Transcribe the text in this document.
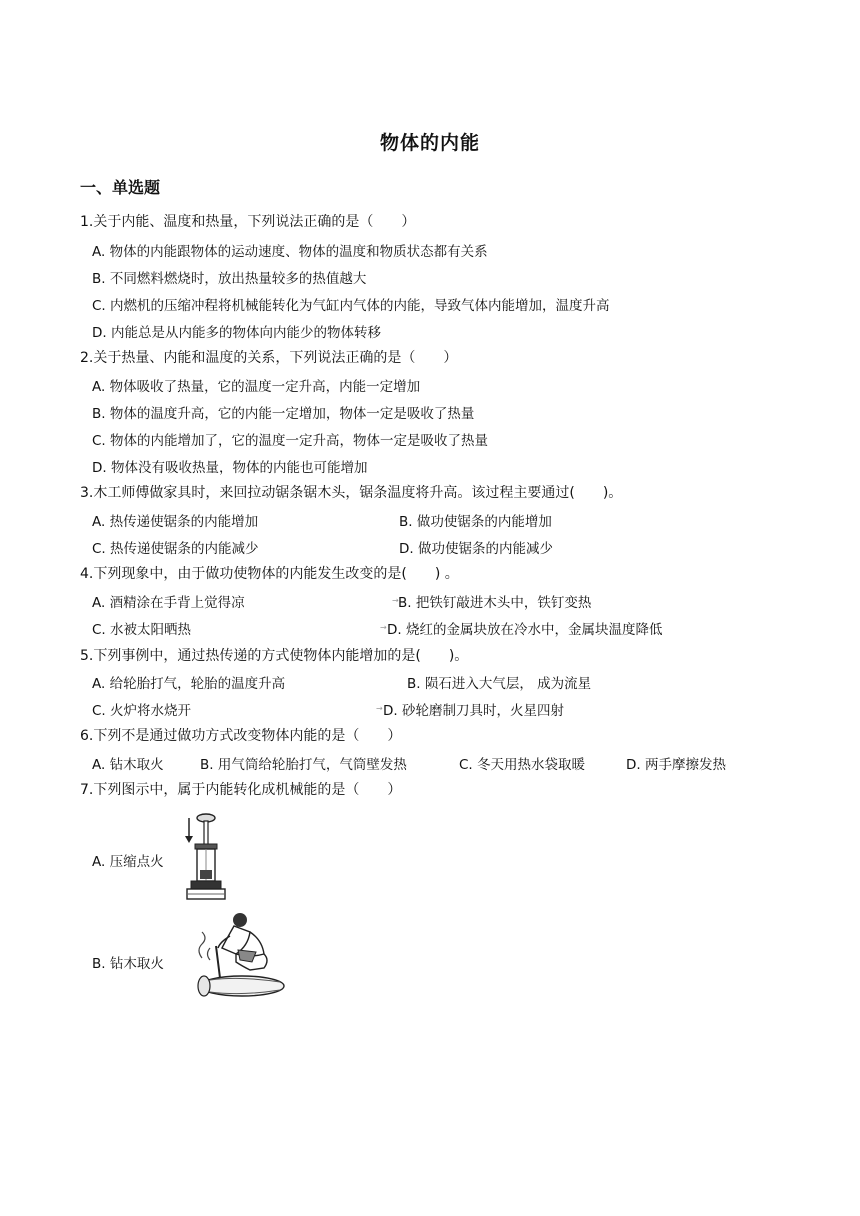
物体的内能
一、单选题
1.关于内能、温度和热量，下列说法正确的是（　　）
A. 物体的内能跟物体的运动速度、物体的温度和物质状态都有关系
B. 不同燃料燃烧时，放出热量较多的热值越大
C. 内燃机的压缩冲程将机械能转化为气缸内气体的内能，导致气体内能增加，温度升高
D. 内能总是从内能多的物体向内能少的物体转移
2.关于热量、内能和温度的关系，下列说法正确的是（　　）
A. 物体吸收了热量，它的温度一定升高，内能一定增加
B. 物体的温度升高，它的内能一定增加，物体一定是吸收了热量
C. 物体的内能增加了，它的温度一定升高，物体一定是吸收了热量
D. 物体没有吸收热量，物体的内能也可能增加
3.木工师傅做家具时，来回拉动锯条锯木头，锯条温度将升高。该过程主要通过(　　)。
A. 热传递使锯条的内能增加	B. 做功使锯条的内能增加
C. 热传递使锯条的内能减少	D. 做功使锯条的内能减少
4.下列现象中，由于做功使物体的内能发生改变的是(　　) 。
A. 酒精涂在手背上觉得凉	→ B. 把铁钉敲进木头中，铁钉变热
C. 水被太阳晒热	→ D. 烧红的金属块放在冷水中，金属块温度降低
5.下列事例中，通过热传递的方式使物体内能增加的是(　　)。
A. 给轮胎打气，轮胎的温度升高	B. 陨石进入大气层， 成为流星
C. 火炉将水烧开	→ D. 砂轮磨制刀具时，火星四射
6.下列不是通过做功方式改变物体内能的是（　　）
A. 钻木取火	B. 用气筒给轮胎打气，气筒壁发热	C. 冬天用热水袋取暖	D. 两手摩擦发热
7.下列图示中，属于内能转化成机械能的是（　　）
A. 压缩点火
B. 钻木取火
